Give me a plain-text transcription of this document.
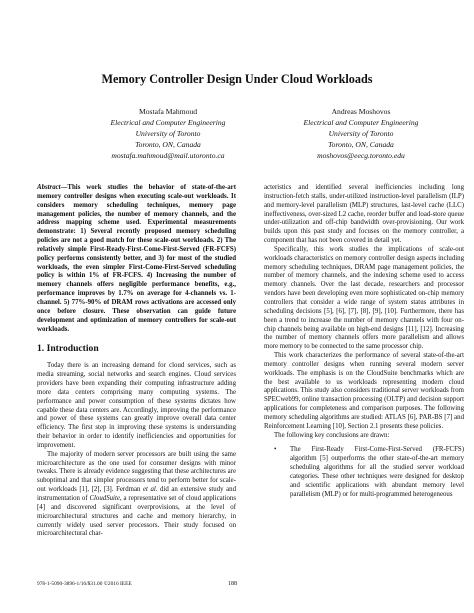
Memory Controller Design Under Cloud Workloads
Mostafa Mahmoud
Electrical and Computer Engineering
University of Toronto
Toronto, ON, Canada
mostafa.mahmoud@mail.utoronto.ca
Andreas Moshovos
Electrical and Computer Engineering
University of Toronto
Toronto, ON, Canada
moshovos@eecg.toronto.edu

Abstract—This work studies the behavior of state-of-the-art memory controller designs when executing scale-out workloads. It considers memory scheduling techniques, memory page management policies, the number of memory channels, and the address mapping scheme used. Experimental measurements demonstrate: 1) Several recently proposed memory scheduling policies are not a good match for these scale-out workloads. 2) The relatively simple First-Ready-First-Come-First-Served (FR-FCFS) policy performs consistently better, and 3) for most of the studied workloads, the even simpler First-Come-First-Served scheduling policy is within 1% of FR-FCFS. 4) Increasing the number of memory channels offers negligible performance benefits, e.g., performance improves by 1.7% on average for 4-channels vs. 1-channel. 5) 77%-90% of DRAM rows activations are accessed only once before closure. These observation can guide future development and optimization of memory controllers for scale-out workloads.

1. Introduction

Today there is an increasing demand for cloud services, such as media streaming, social networks and search engines. Cloud services providers have been expanding their computing infrastructure adding more data centers comprising many computing systems. The performance and power consumption of these systems dictates how capable these data centers are. Accordingly, improving the performance and power of these systems can greatly improve overall data center efficiency. The first step in improving these systems is understanding their behavior in order to identify inefficiencies and opportunities for improvement.

The majority of modern server processors are built using the same microarchitecture as the one used for consumer designs with minor tweaks. There is already evidence suggesting that these architectures are suboptimal and that simpler processors tend to perform better for scale-out workloads [1], [2], [3]. Ferdman et al. did an extensive study and instrumentation of CloudSuite, a representative set of cloud applications [4] and discovered significant overprovisions, at the level of microarchitectural structures and cache and memory hierarchy, in currently widely used server processors. Their study focused on microarchitectural char-

acteristics and identified several inefficiencies including long instruction-fetch stalls, under-utilized instruction-level parallelism (ILP) and memory-level parallelism (MLP) structures, last-level cache (LLC) ineffectiveness, over-sized L2 cache, reorder buffer and load-store queue under-utilization and off-chip bandwidth over-provisioning. Our work builds upon this past study and focuses on the memory controller, a component that has not been covered in detail yet.

Specifically, this work studies the implications of scale-out workloads characteristics on memory controller design aspects including memory scheduling techniques, DRAM page management policies, the number of memory channels, and the indexing scheme used to access memory channels. Over the last decade, researchers and processor vendors have been developing even more sophisticated on-chip memory controllers that consider a wide range of system status attributes in scheduling decisions [5], [6], [7], [8], [9], [10]. Furthermore, there has been a trend to increase the number of memory channels with four on-chip channels being available on high-end designs [11], [12]. Increasing the number of memory channels offers more parallelism and allows more memory to be connected to the same processor chip.

This work characterizes the performance of several state-of-the-art memory controller designs when running several modern server workloads. The emphasis is on the CloudSuite benchmarks which are the best available to us workloads representing modern cloud applications. This study also considers traditional server workloads from SPECweb99, online transaction processing (OLTP) and decision support applications for completeness and comparison purposes. The following memory scheduling algorithms are studied: ATLAS [6], PAR-BS [7] and Reinforcement Learning [10], Section 2.1 presents these policies.

The following key conclusions are drawn:

• The First-Ready First-Come-First-Served (FR-FCFS) algorithm [5] outperforms the other state-of-the-art memory scheduling algorithms for all the studied server workload categories. These other techniques were designed for desktop and scientific applications with abundant memory level parallelism (MLP) or for multi-programmed heterogeneous
978-1-5090-3896-1/16/$31.00 ©2016 IEEE	188
